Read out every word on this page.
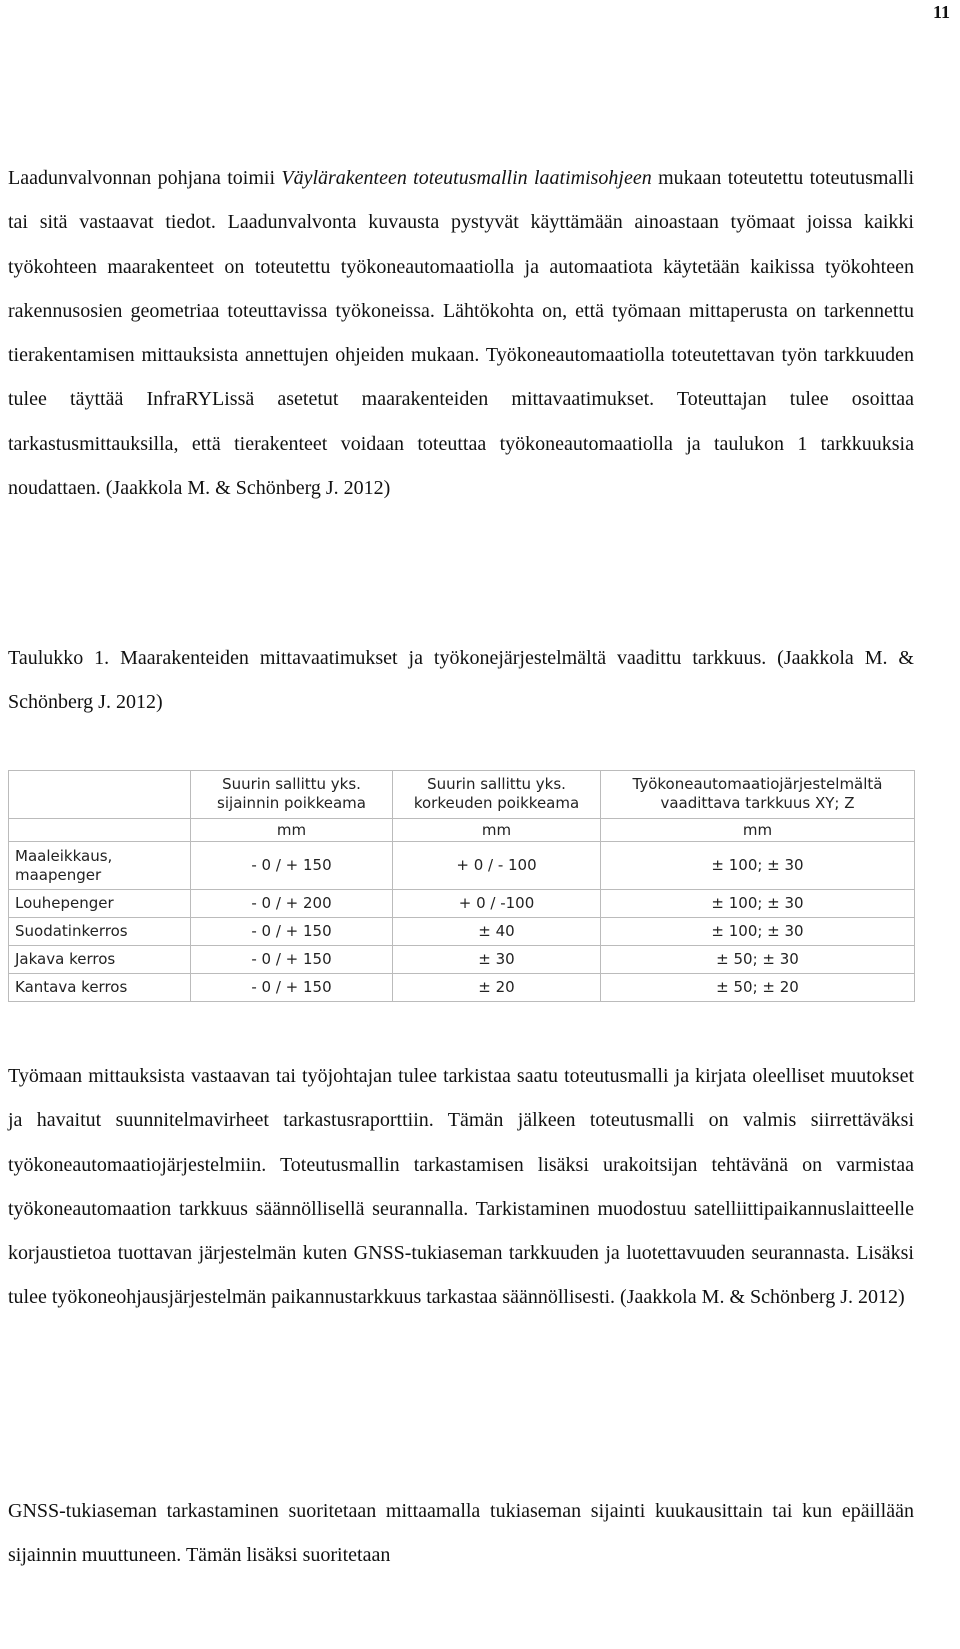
11

Laadunvalvonnan pohjana toimii Väylärakenteen toteutusmallin laatimisohjeen mukaan toteutettu toteutusmalli tai sitä vastaavat tiedot. Laadunvalvonta kuvausta pystyvät käyttämään ainoastaan työmaat joissa kaikki työkohteen maarakenteet on toteutettu työkoneautomaatiolla ja automaatiota käytetään kaikissa työkohteen rakennusosien geometriaa toteuttavissa työkoneissa. Lähtökohta on, että työmaan mittaperusta on tarkennettu tierakentamisen mittauksista annettujen ohjeiden mukaan. Työkoneautomaatiolla toteutettavan työn tarkkuuden tulee täyttää InfraRYLissä asetetut maarakenteiden mittavaatimukset. Toteuttajan tulee osoittaa tarkastusmittauksilla, että tierakenteet voidaan toteuttaa työkoneautomaatiolla ja taulukon 1 tarkkuuksia noudattaen. (Jaakkola M. & Schönberg J. 2012)

Taulukko 1. Maarakenteiden mittavaatimukset ja työkonejärjestelmältä vaadittu tarkkuus. (Jaakkola M. & Schönberg J. 2012)

	Suurin sallittu yks. sijainnin poikkeama	Suurin sallittu yks. korkeuden poikkeama	Työkoneautomaatiojärjestelmältä vaadittava tarkkuus XY; Z
	mm	mm	mm
Maaleikkaus, maapenger	- 0 / + 150	+ 0 / - 100	± 100; ± 30
Louhepenger	- 0 / + 200	+ 0 / -100	± 100; ± 30
Suodatinkerros	- 0 / + 150	± 40	± 100; ± 30
Jakava kerros	- 0 / + 150	± 30	± 50; ± 30
Kantava kerros	- 0 / + 150	± 20	± 50; ± 20

Työmaan mittauksista vastaavan tai työjohtajan tulee tarkistaa saatu toteutusmalli ja kirjata oleelliset muutokset ja havaitut suunnitelmavirheet tarkastusraporttiin. Tämän jälkeen toteutusmalli on valmis siirrettäväksi työkoneautomaatiojärjestelmiin. Toteutusmallin tarkastamisen lisäksi urakoitsijan tehtävänä on varmistaa työkoneautomaation tarkkuus säännöllisellä seurannalla. Tarkistaminen muodostuu satelliittipaikannuslaitteelle korjaustietoa tuottavan järjestelmän kuten GNSS-tukiaseman tarkkuuden ja luotettavuuden seurannasta. Lisäksi tulee työkoneohjausjärjestelmän paikannustarkkuus tarkastaa säännöllisesti. (Jaakkola M. & Schönberg J. 2012)

GNSS-tukiaseman tarkastaminen suoritetaan mittaamalla tukiaseman sijainti kuukausittain tai kun epäillään sijainnin muuttuneen. Tämän lisäksi suoritetaan
